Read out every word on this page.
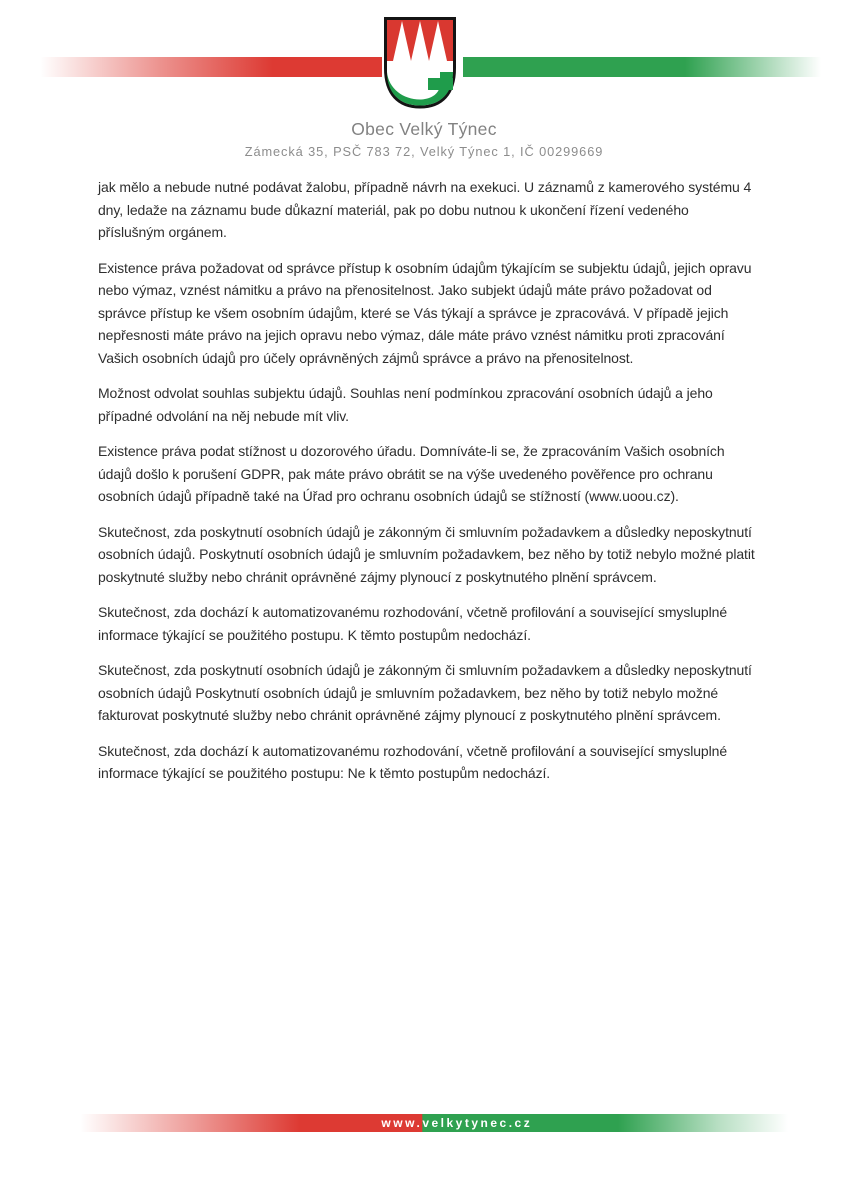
Obec Velký Týnec
Zámecká 35, PSČ 783 72, Velký Týnec 1, IČ 00299669

jak mělo a nebude nutné podávat žalobu, případně návrh na exekuci. U záznamů z kamerového systému 4 dny, ledaže na záznamu bude důkazní materiál, pak po dobu nutnou k ukončení řízení vedeného příslušným orgánem.

Existence práva požadovat od správce přístup k osobním údajům týkajícím se subjektu údajů, jejich opravu nebo výmaz, vznést námitku a právo na přenositelnost. Jako subjekt údajů máte právo požadovat od správce přístup ke všem osobním údajům, které se Vás týkají a správce je zpracovává. V případě jejich nepřesnosti máte právo na jejich opravu nebo výmaz, dále máte právo vznést námitku proti zpracování Vašich osobních údajů pro účely oprávněných zájmů správce a právo na přenositelnost.

Možnost odvolat souhlas subjektu údajů. Souhlas není podmínkou zpracování osobních údajů a jeho případné odvolání na něj nebude mít vliv.

Existence práva podat stížnost u dozorového úřadu. Domníváte-li se, že zpracováním Vašich osobních údajů došlo k porušení GDPR, pak máte právo obrátit se na výše uvedeného pověřence pro ochranu osobních údajů případně také na Úřad pro ochranu osobních údajů se stížností (www.uoou.cz).

Skutečnost, zda poskytnutí osobních údajů je zákonným či smluvním požadavkem a důsledky neposkytnutí osobních údajů. Poskytnutí osobních údajů je smluvním požadavkem, bez něho by totiž nebylo možné platit poskytnuté služby nebo chránit oprávněné zájmy plynoucí z poskytnutého plnění správcem.

Skutečnost, zda dochází k automatizovanému rozhodování, včetně profilování a související smysluplné informace týkající se použitého postupu. K těmto postupům nedochází.

Skutečnost, zda poskytnutí osobních údajů je zákonným či smluvním požadavkem a důsledky neposkytnutí osobních údajů Poskytnutí osobních údajů je smluvním požadavkem, bez něho by totiž nebylo možné fakturovat poskytnuté služby nebo chránit oprávněné zájmy plynoucí z poskytnutého plnění správcem.

Skutečnost, zda dochází k automatizovanému rozhodování, včetně profilování a související smysluplné informace týkající se použitého postupu: Ne k těmto postupům nedochází.

www. velkytynec.cz
